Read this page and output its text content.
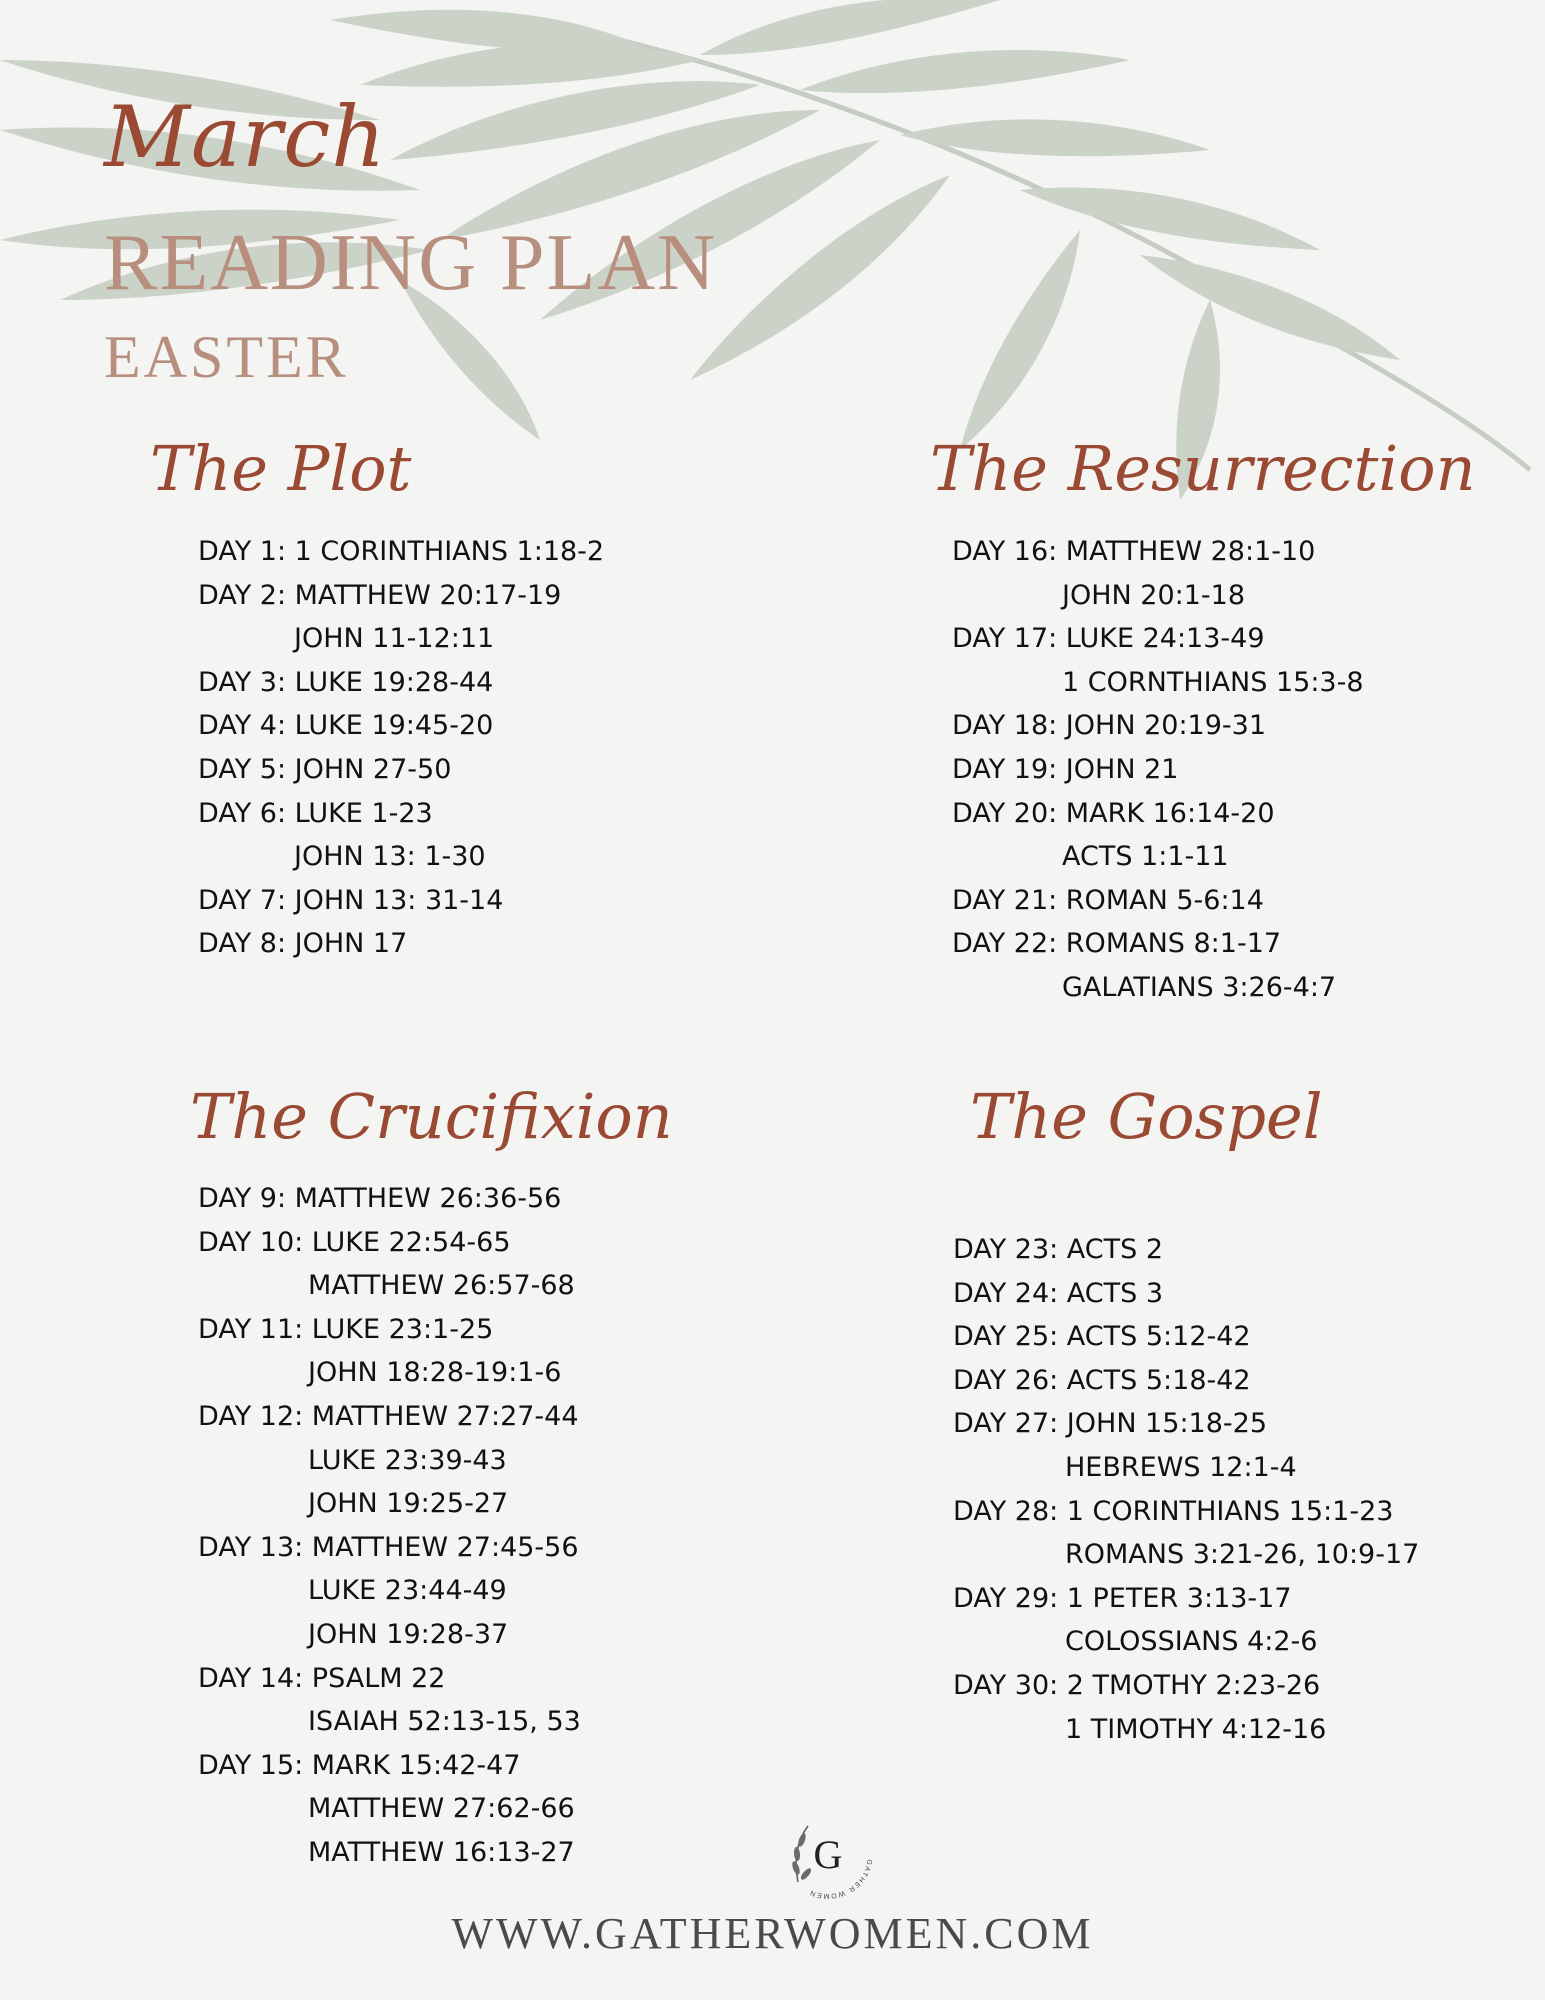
March
READING PLAN
EASTER
The Plot
DAY 1: 1 CORINTHIANS 1:18-2
DAY 2: MATTHEW 20:17-19
JOHN 11-12:11
DAY 3: LUKE 19:28-44
DAY 4: LUKE 19:45-20
DAY 5: JOHN 27-50
DAY 6: LUKE 1-23
JOHN 13: 1-30
DAY 7: JOHN 13: 31-14
DAY 8: JOHN 17
The Resurrection
DAY 16: MATTHEW 28:1-10
JOHN 20:1-18
DAY 17: LUKE 24:13-49
1 CORNTHIANS 15:3-8
DAY 18: JOHN 20:19-31
DAY 19: JOHN 21
DAY 20: MARK 16:14-20
ACTS 1:1-11
DAY 21: ROMAN 5-6:14
DAY 22: ROMANS 8:1-17
GALATIANS 3:26-4:7
The Crucifixion
DAY 9: MATTHEW 26:36-56
DAY 10: LUKE 22:54-65
MATTHEW 26:57-68
DAY 11: LUKE 23:1-25
JOHN 18:28-19:1-6
DAY 12: MATTHEW 27:27-44
LUKE 23:39-43
JOHN 19:25-27
DAY 13: MATTHEW 27:45-56
LUKE 23:44-49
JOHN 19:28-37
DAY 14: PSALM 22
ISAIAH 52:13-15, 53
DAY 15: MARK 15:42-47
MATTHEW 27:62-66
MATTHEW 16:13-27
The Gospel
DAY 23: ACTS 2
DAY 24: ACTS 3
DAY 25: ACTS 5:12-42
DAY 26: ACTS 5:18-42
DAY 27: JOHN 15:18-25
HEBREWS 12:1-4
DAY 28: 1 CORINTHIANS 15:1-23
ROMANS 3:21-26, 10:9-17
DAY 29: 1 PETER 3:13-17
COLOSSIANS 4:2-6
DAY 30: 2 TMOTHY 2:23-26
1 TIMOTHY 4:12-16
G	GATHER WOMEN
WWW.GATHERWOMEN.COM
